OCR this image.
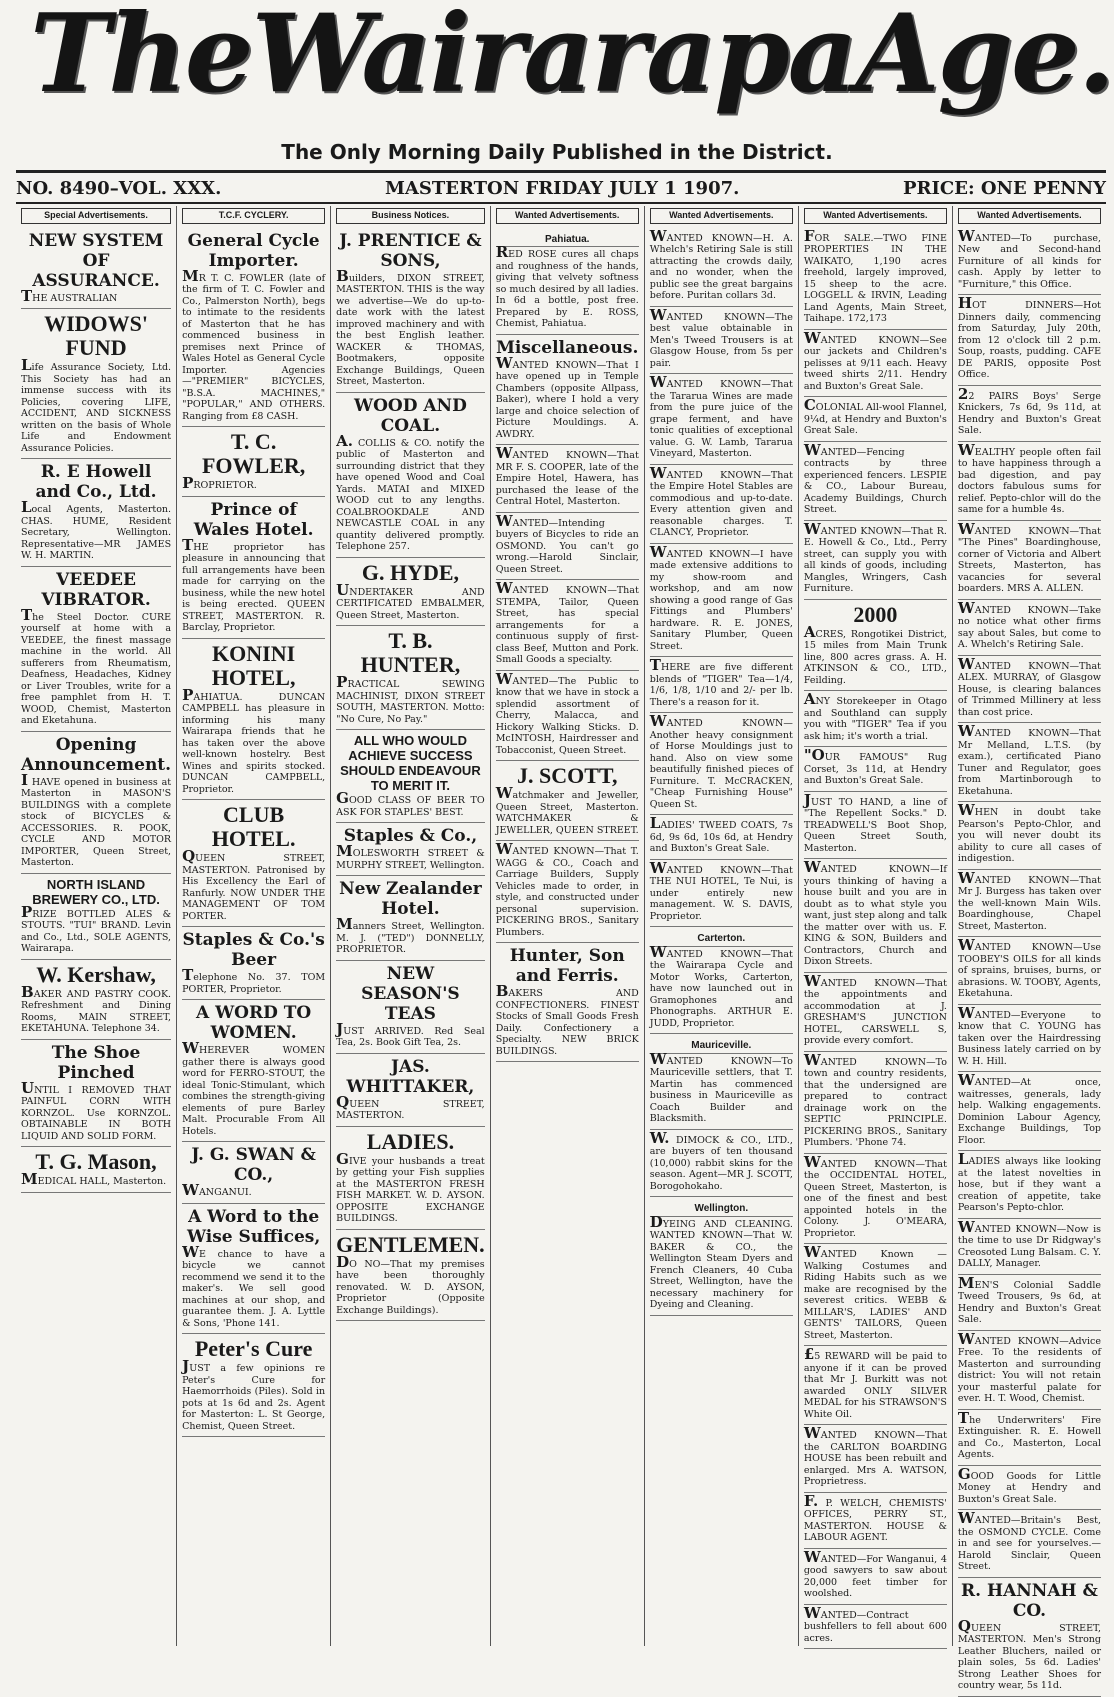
The Wairarapa Age.
The Only Morning Daily Published in the District.
NO. 8490–VOL. XXX.	MASTERTON FRIDAY JULY 1 1907.	PRICE: ONE PENNY
Special Advertisements.
NEW SYSTEM OF ASSURANCE.
THE AUSTRALIAN
WIDOWS' FUND
Life Assurance Society, Ltd. This Society has had an immense success with its Policies, covering LIFE, ACCIDENT, AND SICKNESS written on the basis of Whole Life and Endowment Assurance Policies.
R. E Howell and Co., Ltd.
Local Agents, Masterton. CHAS. HUME, Resident Secretary, Wellington. Representative—MR JAMES W. H. MARTIN.
VEEDEE VIBRATOR.
The Steel Doctor. CURE yourself at home with a VEEDEE, the finest massage machine in the world. All sufferers from Rheumatism, Deafness, Headaches, Kidney or Liver Troubles, write for a free pamphlet from H. T. WOOD, Chemist, Masterton and Eketahuna.
Opening Announcement.
I HAVE opened in business at Masterton in MASON'S BUILDINGS with a complete stock of BICYCLES & ACCESSORIES. R. POOK, CYCLE AND MOTOR IMPORTER, Queen Street, Masterton.
NORTH ISLAND BREWERY CO., LTD.
PRIZE BOTTLED ALES & STOUTS. "TUI" BRAND. Levin and Co., Ltd., SOLE AGENTS, Wairarapa.
W. Kershaw,
BAKER AND PASTRY COOK. Refreshment and Dining Rooms, MAIN STREET, EKETAHUNA. Telephone 34.
The Shoe Pinched
UNTIL I REMOVED THAT PAINFUL CORN WITH KORNZOL. Use KORNZOL. OBTAINABLE IN BOTH LIQUID AND SOLID FORM.
T. G. Mason,
MEDICAL HALL, Masterton.
T.C.F. CYCLERY.
General Cycle Importer.
MR T. C. FOWLER (late of the firm of T. C. Fowler and Co., Palmerston North), begs to intimate to the residents of Masterton that he has commenced business in premises next Prince of Wales Hotel as General Cycle Importer. Agencies—"PREMIER" BICYCLES, "B.S.A. MACHINES," "POPULAR," AND OTHERS. Ranging from £8 CASH.
T. C. FOWLER,
PROPRIETOR.
Prince of Wales Hotel.
THE proprietor has pleasure in announcing that full arrangements have been made for carrying on the business, while the new hotel is being erected. QUEEN STREET, MASTERTON. R. Barclay, Proprietor.
KONINI HOTEL,
PAHIATUA. DUNCAN CAMPBELL has pleasure in informing his many Wairarapa friends that he has taken over the above well-known hostelry. Best Wines and spirits stocked. DUNCAN CAMPBELL, Proprietor.
CLUB HOTEL.
QUEEN STREET, MASTERTON. Patronised by His Excellency the Earl of Ranfurly. NOW UNDER THE MANAGEMENT OF TOM PORTER.
Staples & Co.'s Beer
Telephone No. 37. TOM PORTER, Proprietor.
A WORD TO WOMEN.
WHEREVER WOMEN gather there is always good word for FERRO-STOUT, the ideal Tonic-Stimulant, which combines the strength-giving elements of pure Barley Malt. Procurable From All Hotels.
J. G. SWAN & CO.,
WANGANUI.
A Word to the Wise Suffices,
WE chance to have a bicycle we cannot recommend we send it to the maker's. We sell good machines at our shop, and guarantee them. J. A. Lyttle & Sons, 'Phone 141.
Peter's Cure
JUST a few opinions re Peter's Cure for Haemorrhoids (Piles). Sold in pots at 1s 6d and 2s. Agent for Masterton: L. St George, Chemist, Queen Street.
Business Notices.
J. PRENTICE & SONS,
Builders, DIXON STREET, MASTERTON. THIS is the way we advertise—We do up-to-date work with the latest improved machinery and with the best English leather. WACKER & THOMAS, Bootmakers, opposite Exchange Buildings, Queen Street, Masterton.
WOOD AND COAL.
A. COLLIS & CO. notify the public of Masterton and surrounding district that they have opened Wood and Coal Yards. MATAI and MIXED WOOD cut to any lengths. COALBROOKDALE AND NEWCASTLE COAL in any quantity delivered promptly. Telephone 257.
G. HYDE,
UNDERTAKER AND CERTIFICATED EMBALMER, Queen Street, Masterton.
T. B. HUNTER,
PRACTICAL SEWING MACHINIST, DIXON STREET SOUTH, MASTERTON. Motto: "No Cure, No Pay."
ALL WHO WOULD ACHIEVE SUCCESS SHOULD ENDEAVOUR TO MERIT IT.
GOOD CLASS OF BEER TO ASK FOR STAPLES' BEST.
Staples & Co.,
MOLESWORTH STREET & MURPHY STREET, Wellington.
New Zealander Hotel.
Manners Street, Wellington. M. J. ("TED") DONNELLY, PROPRIETOR.
NEW SEASON'S TEAS
JUST ARRIVED. Red Seal Tea, 2s. Book Gift Tea, 2s.
JAS. WHITTAKER,
QUEEN STREET, MASTERTON.
LADIES.
GIVE your husbands a treat by getting your Fish supplies at the MASTERTON FRESH FISH MARKET. W. D. AYSON. OPPOSITE EXCHANGE BUILDINGS.
GENTLEMEN.
DO NO—That my premises have been thoroughly renovated. W. D. AYSON, Proprietor (Opposite Exchange Buildings).
Wanted Advertisements.
Pahiatua.
RED ROSE cures all chaps and roughness of the hands, giving that velvety softness so much desired by all ladies. In 6d a bottle, post free. Prepared by E. ROSS, Chemist, Pahiatua.
Miscellaneous.
WANTED KNOWN—That I have opened up in Temple Chambers (opposite Allpass, Baker), where I hold a very large and choice selection of Picture Mouldings. A. AWDRY.
WANTED KNOWN—That MR F. S. COOPER, late of the Empire Hotel, Hawera, has purchased the lease of the Central Hotel, Masterton.
WANTED—Intending buyers of Bicycles to ride an OSMOND. You can't go wrong.—Harold Sinclair, Queen Street.
WANTED KNOWN—That STEMPA, Tailor, Queen Street, has special arrangements for a continuous supply of first-class Beef, Mutton and Pork. Small Goods a specialty.
WANTED—The Public to know that we have in stock a splendid assortment of Cherry, Malacca, and Hickory Walking Sticks. D. McINTOSH, Hairdresser and Tobacconist, Queen Street.
J. SCOTT,
Watchmaker and Jeweller, Queen Street, Masterton. WATCHMAKER & JEWELLER, QUEEN STREET.
WANTED KNOWN—That T. WAGG & CO., Coach and Carriage Builders, Supply Vehicles made to order, in style, and constructed under personal supervision. PICKERING BROS., Sanitary Plumbers.
Hunter, Son and Ferris.
BAKERS AND CONFECTIONERS. FINEST Stocks of Small Goods Fresh Daily. Confectionery a Specialty. NEW BRICK BUILDINGS.
Wanted Advertisements.
WANTED KNOWN—H. A. Whelch's Retiring Sale is still attracting the crowds daily, and no wonder, when the public see the great bargains before. Puritan collars 3d.
WANTED KNOWN—The best value obtainable in Men's Tweed Trousers is at Glasgow House, from 5s per pair.
WANTED KNOWN—That the Tararua Wines are made from the pure juice of the grape ferment, and have tonic qualities of exceptional value. G. W. Lamb, Tararua Vineyard, Masterton.
WANTED KNOWN—That the Empire Hotel Stables are commodious and up-to-date. Every attention given and reasonable charges. T. CLANCY, Proprietor.
WANTED KNOWN—I have made extensive additions to my show-room and workshop, and am now showing a good range of Gas Fittings and Plumbers' hardware. R. E. JONES, Sanitary Plumber, Queen Street.
THERE are five different blends of "TIGER" Tea—1/4, 1/6, 1/8, 1/10 and 2/- per lb. There's a reason for it.
WANTED KNOWN—Another heavy consignment of Horse Mouldings just to hand. Also on view some beautifully finished pieces of Furniture. T. McCRACKEN, "Cheap Furnishing House" Queen St.
LADIES' TWEED COATS, 7s 6d, 9s 6d, 10s 6d, at Hendry and Buxton's Great Sale.
WANTED KNOWN—That THE NUI HOTEL, Te Nui, is under entirely new management. W. S. DAVIS, Proprietor.
Carterton.
WANTED KNOWN—That the Wairarapa Cycle and Motor Works, Carterton, have now launched out in Gramophones and Phonographs. ARTHUR E. JUDD, Proprietor.
Mauriceville.
WANTED KNOWN—To Mauriceville settlers, that T. Martin has commenced business in Mauriceville as Coach Builder and Blacksmith.
W. DIMOCK & CO., LTD., are buyers of ten thousand (10,000) rabbit skins for the season. Agent—MR J. SCOTT, Borogohokaho.
Wellington.
DYEING AND CLEANING. WANTED KNOWN—That W. BAKER & CO., the Wellington Steam Dyers and French Cleaners, 40 Cuba Street, Wellington, have the necessary machinery for Dyeing and Cleaning.
Wanted Advertisements.
FOR SALE.—TWO FINE PROPERTIES IN THE WAIKATO, 1,190 acres freehold, largely improved, 15 sheep to the acre. LOGGELL & IRVIN, Leading Land Agents, Main Street, Taihape. 172,173
WANTED KNOWN—See our jackets and Children's pelisses at 9/11 each. Heavy tweed shirts 2/11. Hendry and Buxton's Great Sale.
COLONIAL All-wool Flannel, 9¼d, at Hendry and Buxton's Great Sale.
WANTED—Fencing contracts by three experienced fencers. LESPIE & CO., Labour Bureau, Academy Buildings, Church Street.
WANTED KNOWN—That R. E. Howell & Co., Ltd., Perry street, can supply you with all kinds of goods, including Mangles, Wringers, Cash Furniture.
2000
ACRES, Rongotikei District, 15 miles from Main Trunk line, 800 acres grass. A. H. ATKINSON & CO., LTD., Feilding.
ANY Storekeeper in Otago and Southland can supply you with "TIGER" Tea if you ask him; it's worth a trial.
"OUR FAMOUS" Rug Corset, 3s 11d, at Hendry and Buxton's Great Sale.
JUST TO HAND, a line of "The Repellent Socks." D. TREADWELL'S Boot Shop, Queen Street South, Masterton.
WANTED KNOWN—If yours thinking of having a house built and you are in doubt as to what style you want, just step along and talk the matter over with us. F. KING & SON, Builders and Contractors, Church and Dixon Streets.
WANTED KNOWN—That the appointments and accommodation at J. GRESHAM'S JUNCTION HOTEL, CARSWELL S, provide every comfort.
WANTED KNOWN—To town and country residents, that the undersigned are prepared to contract drainage work on the SEPTIC PRINCIPLE. PICKERING BROS., Sanitary Plumbers. 'Phone 74.
WANTED KNOWN—That the OCCIDENTAL HOTEL, Queen Street, Masterton, is one of the finest and best appointed hotels in the Colony. J. O'MEARA, Proprietor.
WANTED Known — Walking Costumes and Riding Habits such as we make are recognised by the severest critics. WEBB & MILLAR'S, LADIES' AND GENTS' TAILORS, Queen Street, Masterton.
£5 REWARD will be paid to anyone if it can be proved that Mr J. Burkitt was not awarded ONLY SILVER MEDAL for his STRAWSON'S White Oil.
WANTED KNOWN—That the CARLTON BOARDING HOUSE has been rebuilt and enlarged. Mrs A. WATSON, Proprietress.
F. P. WELCH, CHEMISTS' OFFICES, PERRY ST., MASTERTON. HOUSE & LABOUR AGENT.
WANTED—For Wanganui, 4 good sawyers to saw about 20,000 feet timber for woolshed.
WANTED—Contract bushfellers to fell about 600 acres.
Wanted Advertisements.
WANTED—To purchase, New and Second-hand Furniture of all kinds for cash. Apply by letter to "Furniture," this Office.
HOT DINNERS—Hot Dinners daily, commencing from Saturday, July 20th, from 12 o'clock till 2 p.m. Soup, roasts, pudding. CAFE DE PARIS, opposite Post Office.
22 PAIRS Boys' Serge Knickers, 7s 6d, 9s 11d, at Hendry and Buxton's Great Sale.
WEALTHY people often fail to have happiness through a bad digestion, and pay doctors fabulous sums for relief. Pepto-chlor will do the same for a humble 4s.
WANTED KNOWN—That "The Pines" Boardinghouse, corner of Victoria and Albert Streets, Masterton, has vacancies for several boarders. MRS A. ALLEN.
WANTED KNOWN—Take no notice what other firms say about Sales, but come to A. Whelch's Retiring Sale.
WANTED KNOWN—That ALEX. MURRAY, of Glasgow House, is clearing balances of Trimmed Millinery at less than cost price.
WANTED KNOWN—That Mr Melland, L.T.S. (by exam.), certificated Piano Tuner and Regulator, goes from Martinborough to Eketahuna.
WHEN in doubt take Pearson's Pepto-Chlor, and you will never doubt its ability to cure all cases of indigestion.
WANTED KNOWN—That Mr J. Burgess has taken over the well-known Main Wils. Boardinghouse, Chapel Street, Masterton.
WANTED KNOWN—Use TOOBEY'S OILS for all kinds of sprains, bruises, burns, or abrasions. W. TOOBY, Agents, Eketahuna.
WANTED—Everyone to know that C. YOUNG has taken over the Hairdressing Business lately carried on by W. H. Hill.
WANTED—At once, waitresses, generals, lady help. Walking engagements. Dominion Labour Agency, Exchange Buildings, Top Floor.
LADIES always like looking at the latest novelties in hose, but if they want a creation of appetite, take Pearson's Pepto-chlor.
WANTED KNOWN—Now is the time to use Dr Ridgway's Creosoted Lung Balsam. C. Y. DALLY, Manager.
MEN'S Colonial Saddle Tweed Trousers, 9s 6d, at Hendry and Buxton's Great Sale.
WANTED KNOWN—Advice Free. To the residents of Masterton and surrounding district: You will not retain your masterful palate for ever. H. T. Wood, Chemist.
The Underwriters' Fire Extinguisher. R. E. Howell and Co., Masterton, Local Agents.
GOOD Goods for Little Money at Hendry and Buxton's Great Sale.
WANTED—Britain's Best, the OSMOND CYCLE. Come in and see for yourselves.—Harold Sinclair, Queen Street.
R. HANNAH & CO.
QUEEN STREET, MASTERTON. Men's Strong Leather Bluchers, nailed or plain soles, 5s 6d. Ladies' Strong Leather Shoes for country wear, 5s 11d.
